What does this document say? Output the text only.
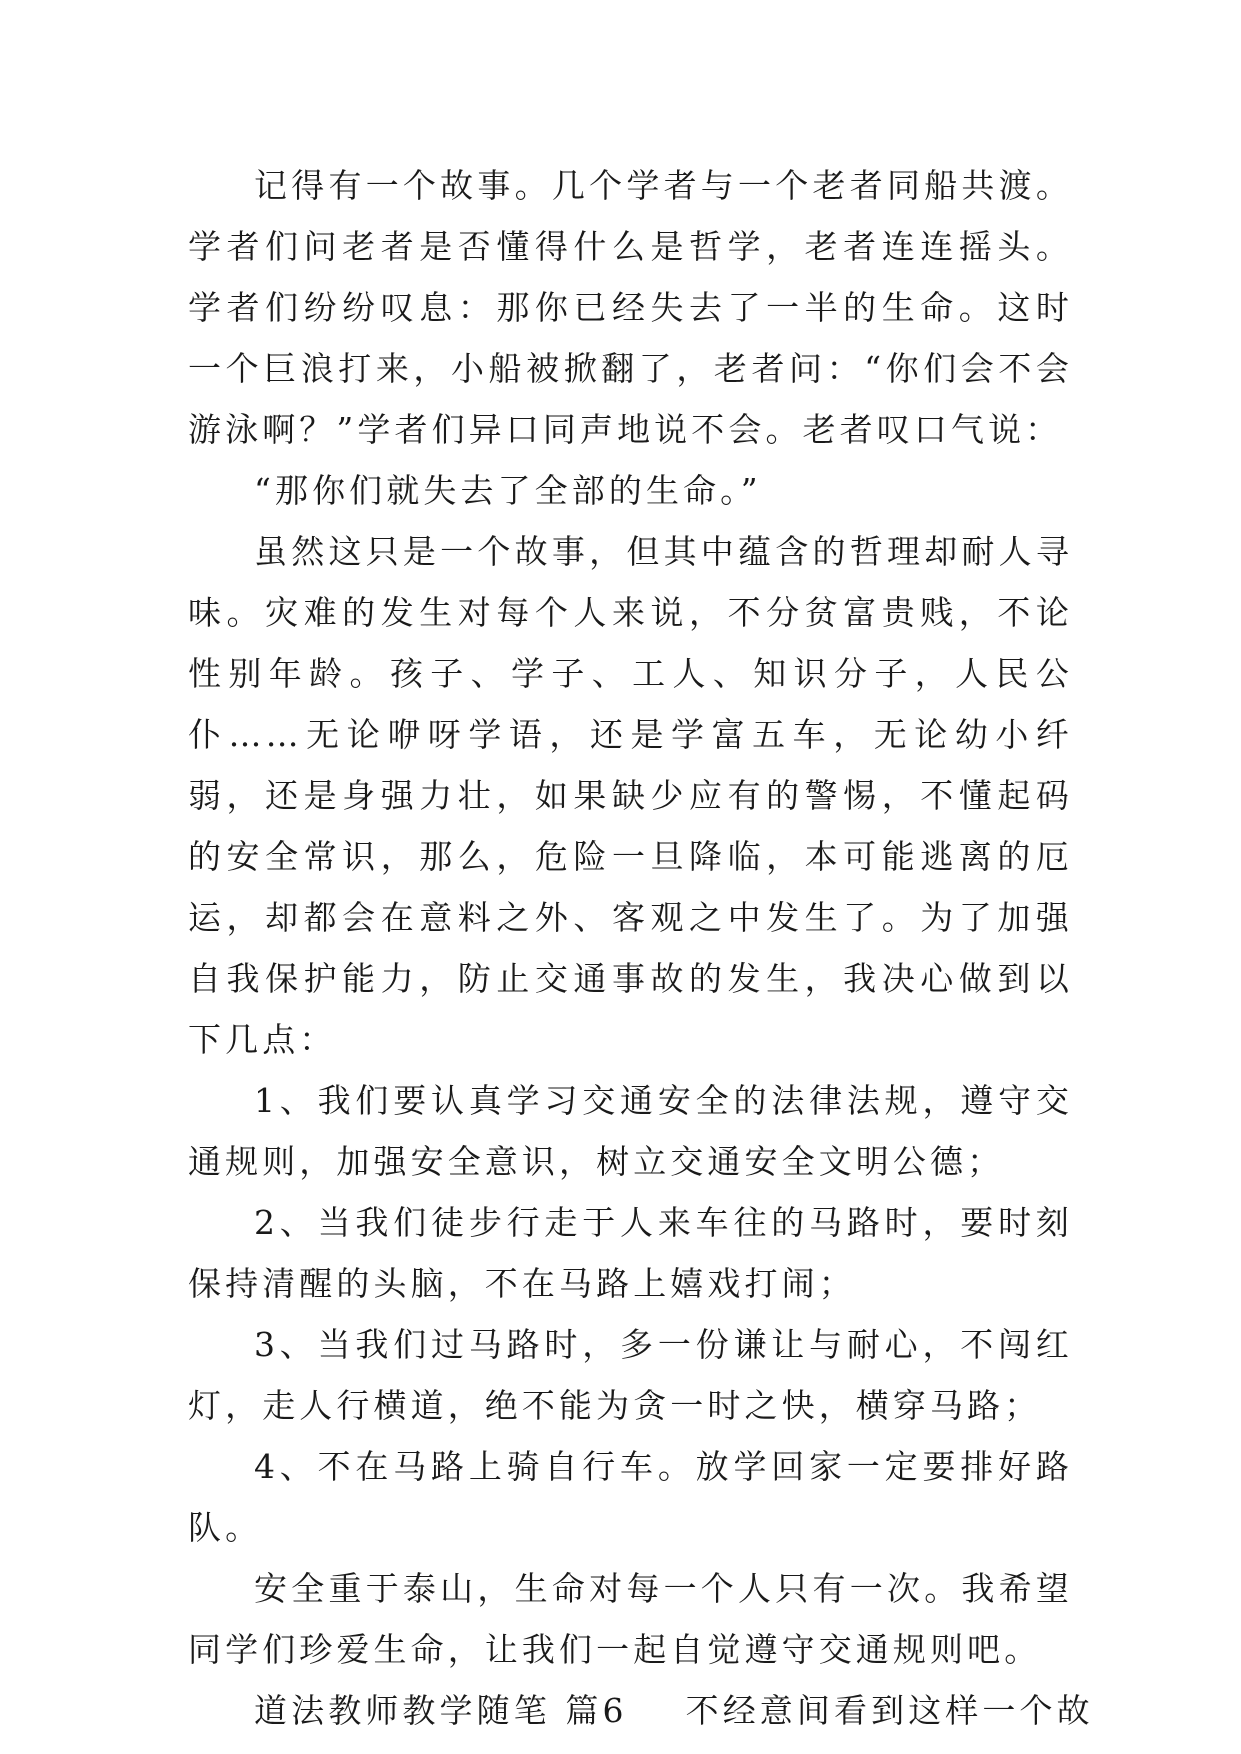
记得有一个故事。几个学者与一个老者同船共渡。学者们问老者是否懂得什么是哲学，老者连连摇头。学者们纷纷叹息：那你已经失去了一半的生命。这时一个巨浪打来，小船被掀翻了，老者问：“你们会不会游泳啊？”学者们异口同声地说不会。老者叹口气说：

“那你们就失去了全部的生命。”

虽然这只是一个故事，但其中蕴含的哲理却耐人寻味。灾难的发生对每个人来说，不分贫富贵贱，不论性别年龄。孩子、学子、工人、知识分子，人民公仆……无论咿呀学语，还是学富五车，无论幼小纤弱，还是身强力壮，如果缺少应有的警惕，不懂起码的安全常识，那么，危险一旦降临，本可能逃离的厄运，却都会在意料之外、客观之中发生了。为了加强自我保护能力，防止交通事故的发生，我决心做到以下几点：

1、我们要认真学习交通安全的法律法规，遵守交通规则，加强安全意识，树立交通安全文明公德；

2、当我们徒步行走于人来车往的马路时，要时刻保持清醒的头脑，不在马路上嬉戏打闹；

3、当我们过马路时，多一份谦让与耐心，不闯红灯，走人行横道，绝不能为贪一时之快，横穿马路；

4、不在马路上骑自行车。放学回家一定要排好路队。

安全重于泰山，生命对每一个人只有一次。我希望同学们珍爱生命，让我们一起自觉遵守交通规则吧。

道法教师教学随笔 篇6 不经意间看到这样一个故
